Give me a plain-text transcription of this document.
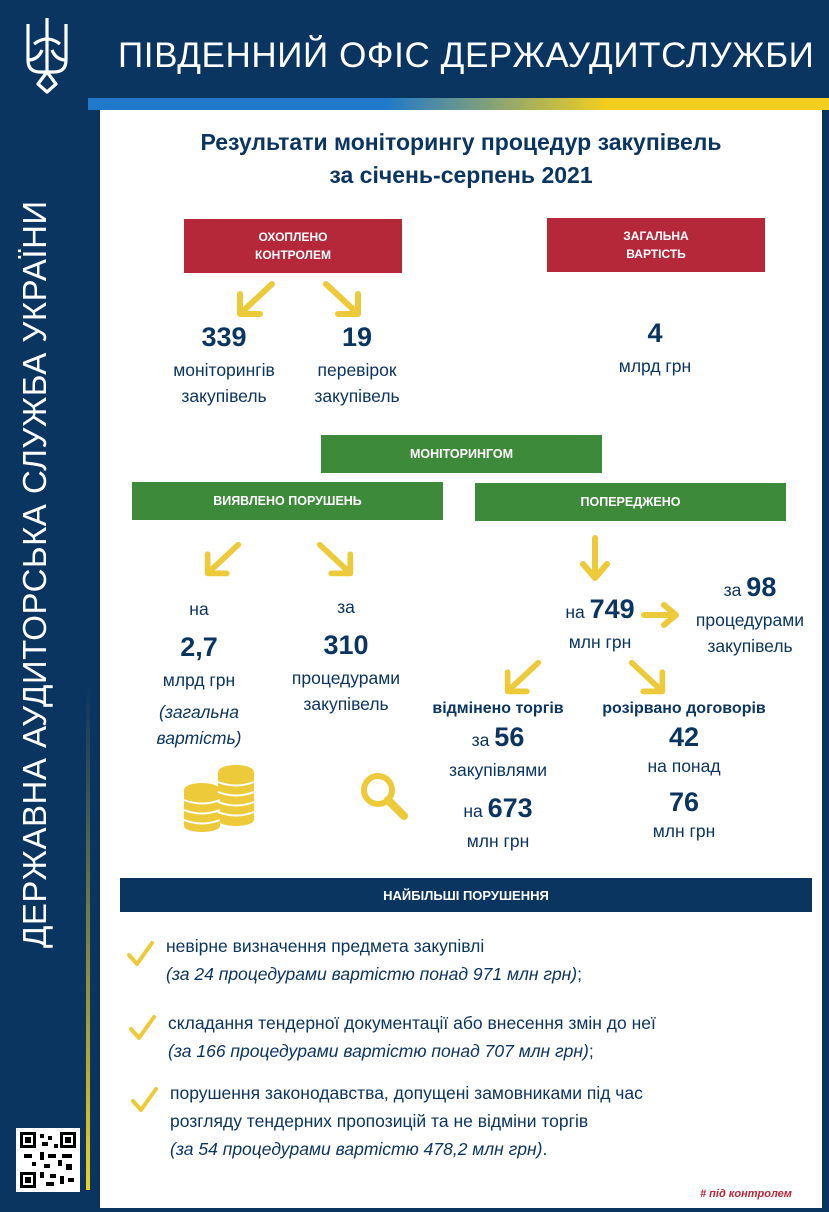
ДЕРЖАВНА АУДИТОРСЬКА СЛУЖБА УКРАЇНИ
ПІВДЕННИЙ ОФІС ДЕРЖАУДИТСЛУЖБИ
Результати моніторингу процедур закупівель
за січень-серпень 2021
ОХОПЛЕНО
КОНТРОЛЕМ
ЗАГАЛЬНА
ВАРТІСТЬ
339
моніторингів
закупівель
19
перевірок
закупівель
4
млрд грн
МОНІТОРИНГОМ
ВИЯВЛЕНО ПОРУШЕНЬ	ПОПЕРЕДЖЕНО
на
2,7
млрд грн
(загальна
вартість)
за
310
процедурами
закупівель
на 749
млн грн
за 98
процедурами
закупівель
відмінено торгів
за 56
закупівлями
на 673
млн грн
розірвано договорів
42
на понад
76
млн грн
НАЙБІЛЬШІ ПОРУШЕННЯ
невірне визначення предмета закупівлі
(за 24 процедурами вартістю понад 971 млн грн);
складання тендерної документації або внесення змін до неї
(за 166 процедурами вартістю понад 707 млн грн);
порушення законодавства, допущені замовниками під час
розгляду тендерних пропозицій та не відміни торгів
(за 54 процедурами вартістю 478,2 млн грн).
# під контролем
